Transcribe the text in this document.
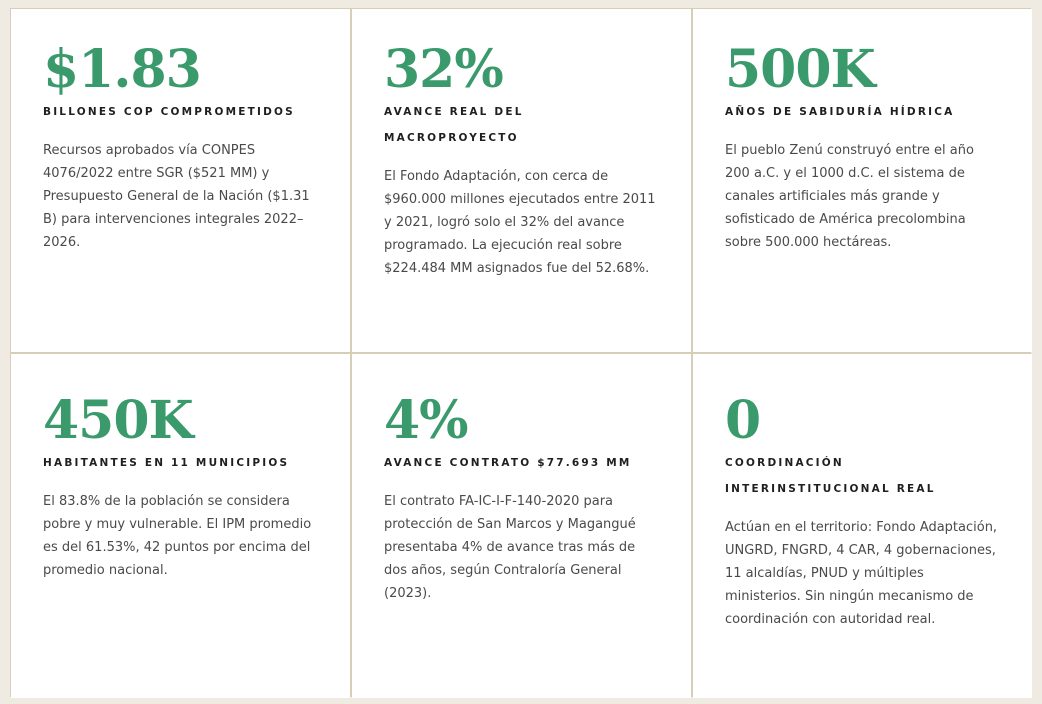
$1.83
BILLONES COP COMPROMETIDOS
Recursos aprobados vía CONPES 4076/2022 entre SGR ($521 MM) y Presupuesto General de la Nación ($1.31 B) para intervenciones integrales 2022–2026.
32%
AVANCE REAL DEL MACROPROYECTO
El Fondo Adaptación, con cerca de $960.000 millones ejecutados entre 2011 y 2021, logró solo el 32% del avance programado. La ejecución real sobre $224.484 MM asignados fue del 52.68%.
500K
AÑOS DE SABIDURÍA HÍDRICA
El pueblo Zenú construyó entre el año 200 a.C. y el 1000 d.C. el sistema de canales artificiales más grande y sofisticado de América precolombina sobre 500.000 hectáreas.
450K
HABITANTES EN 11 MUNICIPIOS
El 83.8% de la población se considera pobre y muy vulnerable. El IPM promedio es del 61.53%, 42 puntos por encima del promedio nacional.
4%
AVANCE CONTRATO $77.693 MM
El contrato FA-IC-I-F-140-2020 para protección de San Marcos y Magangué presentaba 4% de avance tras más de dos años, según Contraloría General (2023).
0
COORDINACIÓN INTERINSTITUCIONAL REAL
Actúan en el territorio: Fondo Adaptación, UNGRD, FNGRD, 4 CAR, 4 gobernaciones, 11 alcaldías, PNUD y múltiples ministerios. Sin ningún mecanismo de coordinación con autoridad real.
